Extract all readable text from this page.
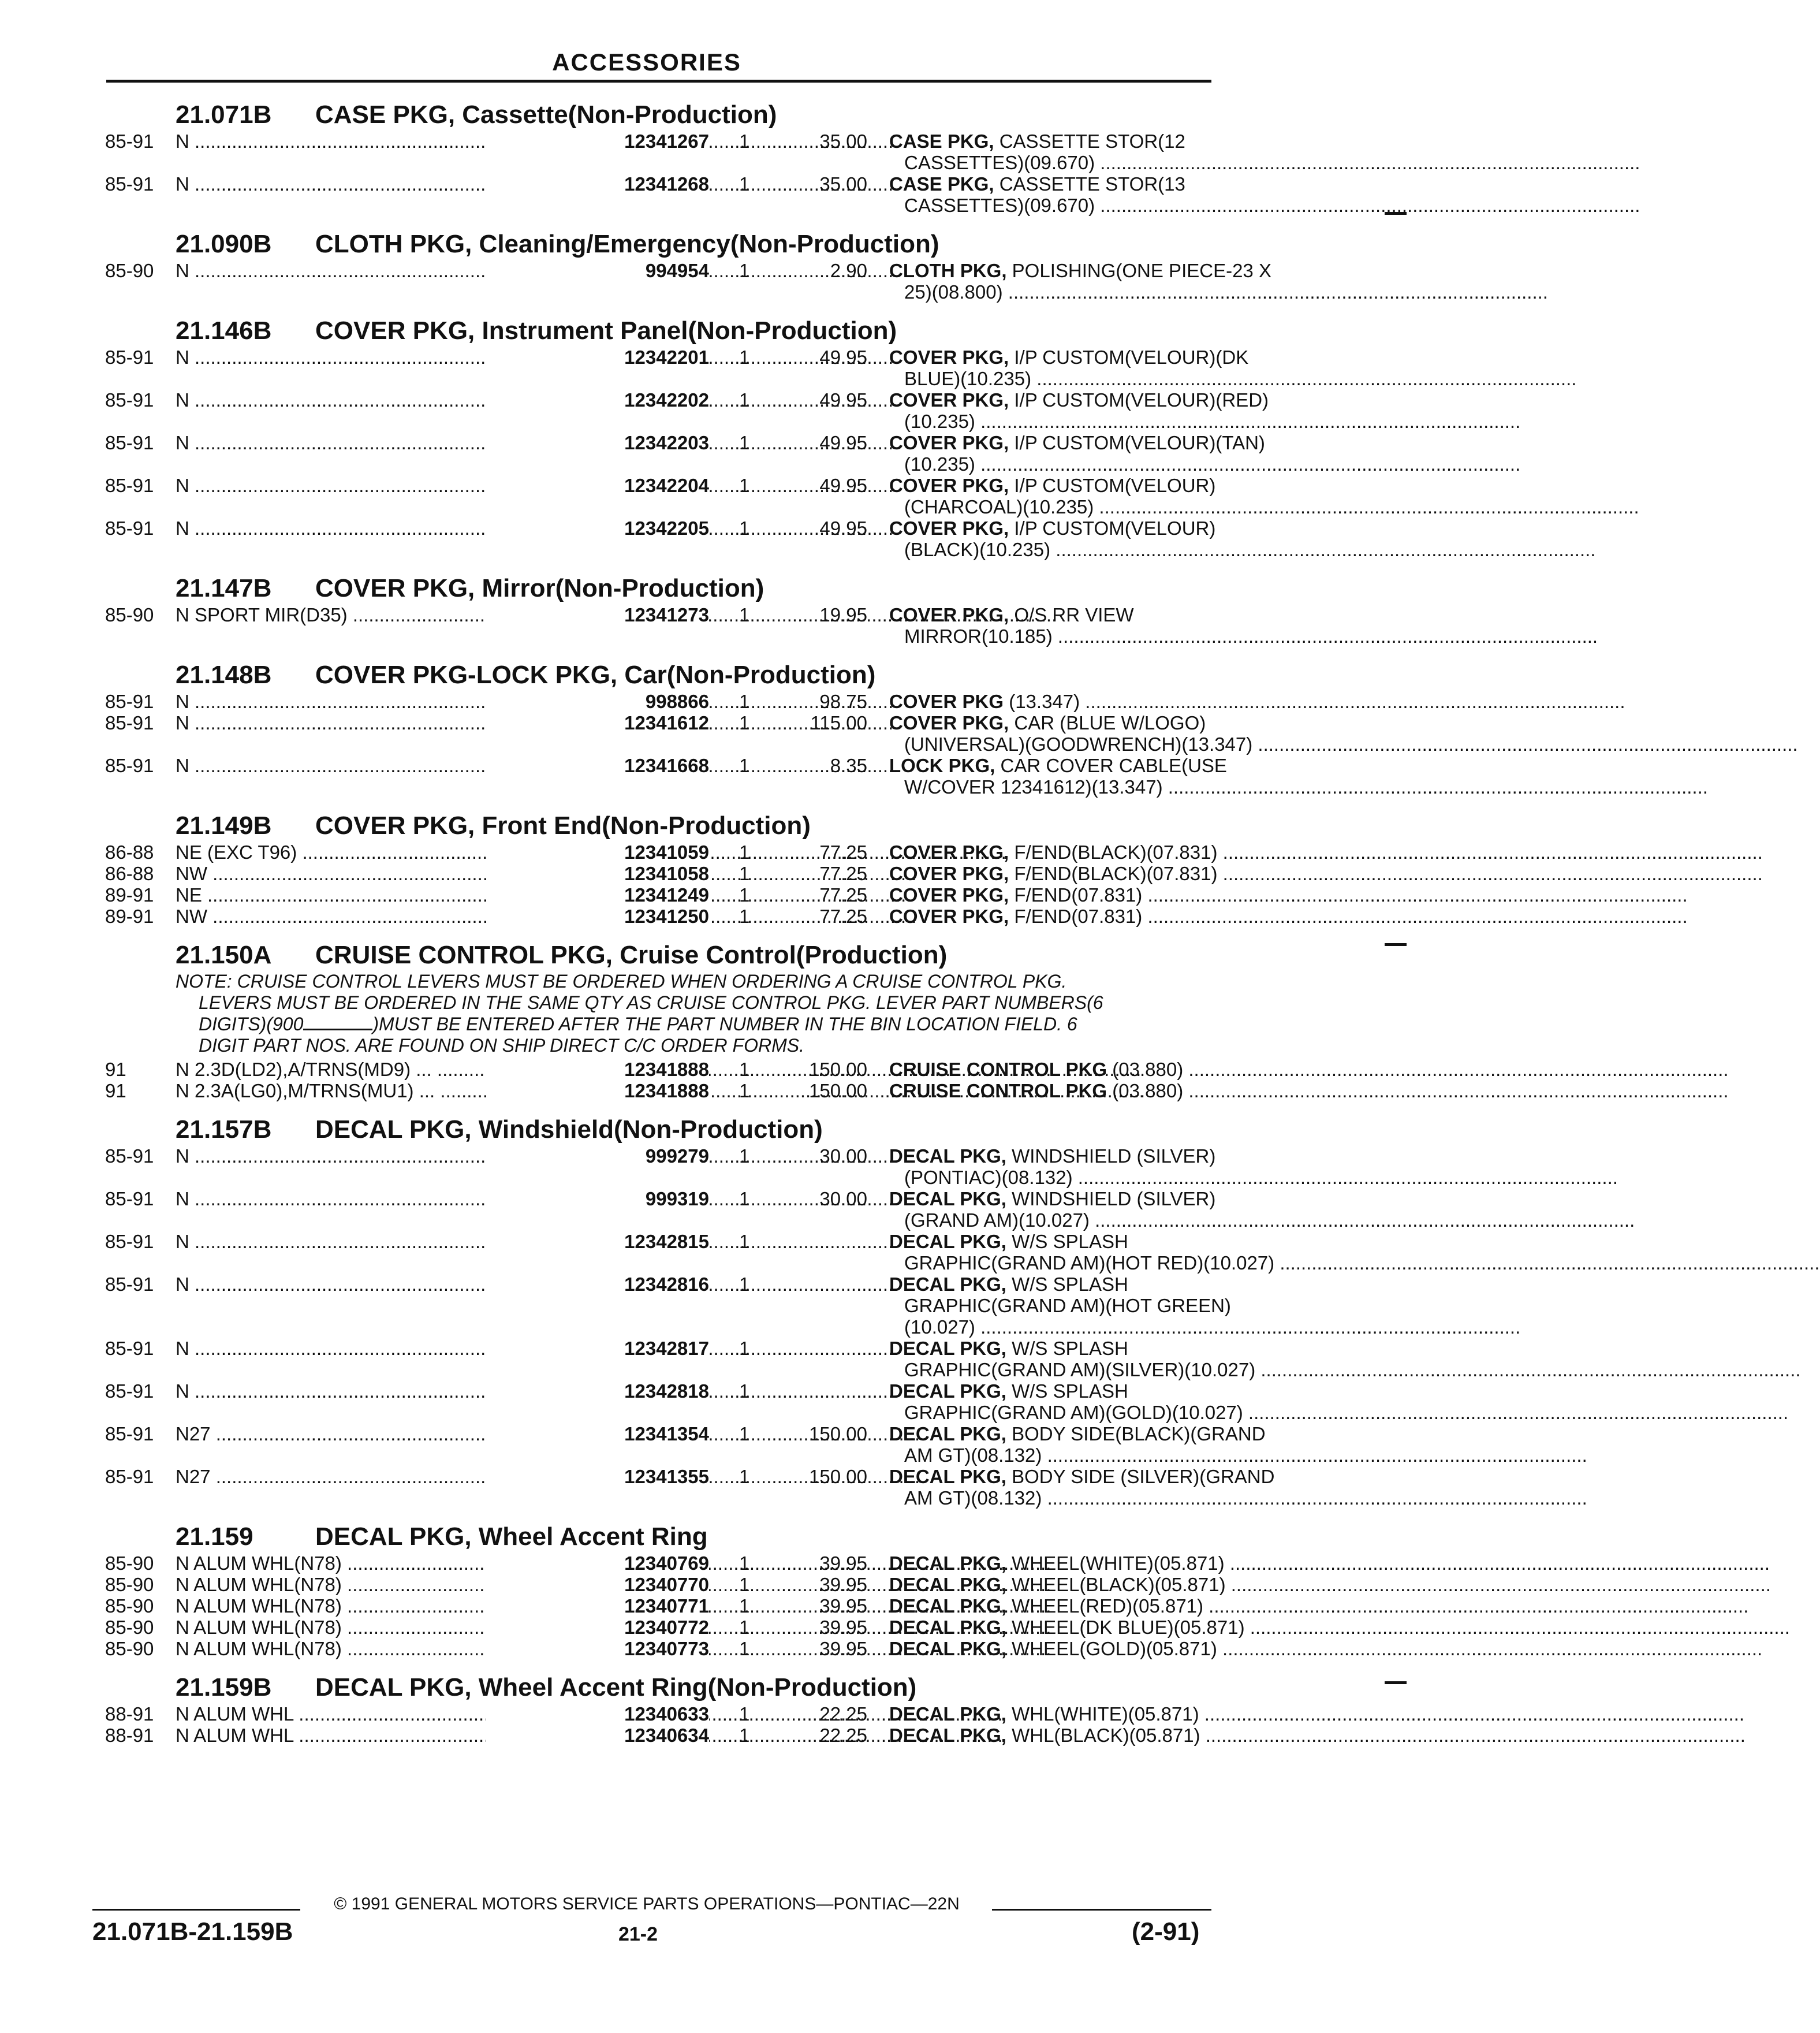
ACCESSORIES
21.071B CASE PKG, Cassette(Non-Production)
85-91	N .....	12341267 1	35.00 CASE PKG, CASSETTE STOR(12
CASSETTES)(09.670) .....
85-91	N .....	12341268 1	35.00 CASE PKG, CASSETTE STOR(13
CASSETTES)(09.670) .....
21.090B CLOTH PKG, Cleaning/Emergency(Non-Production)
85-90	N .....	994954 1	2.90 CLOTH PKG, POLISHING(ONE PIECE-23 X
25)(08.800) .....
21.146B COVER PKG, Instrument Panel(Non-Production)
85-91	N .....	12342201 1	49.95 COVER PKG, I/P CUSTOM(VELOUR)(DK
BLUE)(10.235) .....
85-91	N .....	12342202 1	49.95 COVER PKG, I/P CUSTOM(VELOUR)(RED)
(10.235) .....
85-91	N .....	12342203 1	49.95 COVER PKG, I/P CUSTOM(VELOUR)(TAN)
(10.235) .....
85-91	N .....	12342204 1	49.95 COVER PKG, I/P CUSTOM(VELOUR)
(CHARCOAL)(10.235) .....
85-91	N .....	12342205 1	49.95 COVER PKG, I/P CUSTOM(VELOUR)
(BLACK)(10.235) .....
21.147B COVER PKG, Mirror(Non-Production)
85-90	N SPORT MIR(D35) .....	12341273 1	19.95 COVER PKG, O/S RR VIEW
MIRROR(10.185) .....
21.148B COVER PKG-LOCK PKG, Car(Non-Production)
85-91	N .....	998866 1	98.75 COVER PKG (13.347) .....
85-91	N .....	12341612 1	115.00 COVER PKG, CAR (BLUE W/LOGO)
(UNIVERSAL)(GOODWRENCH)(13.347) .....
85-91	N .....	12341668 1	8.35 LOCK PKG, CAR COVER CABLE(USE
W/COVER 12341612)(13.347) .....
21.149B COVER PKG, Front End(Non-Production)
86-88	NE (EXC T96) .....	12341059 1	77.25 COVER PKG, F/END(BLACK)(07.831) .....
86-88	NW .....	12341058 1	77.25 COVER PKG, F/END(BLACK)(07.831) .....
89-91	NE .....	12341249 1	77.25 COVER PKG, F/END(07.831) .....
89-91	NW .....	12341250 1	77.25 COVER PKG, F/END(07.831) .....
21.150A CRUISE CONTROL PKG, Cruise Control(Production)
NOTE: CRUISE CONTROL LEVERS MUST BE ORDERED WHEN ORDERING A CRUISE CONTROL PKG.
LEVERS MUST BE ORDERED IN THE SAME QTY AS CRUISE CONTROL PKG. LEVER PART NUMBERS(6
DIGITS)(900	)MUST BE ENTERED AFTER THE PART NUMBER IN THE BIN LOCATION FIELD. 6
DIGIT PART NOS. ARE FOUND ON SHIP DIRECT C/C ORDER FORMS.
91	N 2.3D(LD2),A/TRNS(MD9) ... .....	12341888 1	150.00 CRUISE CONTROL PKG (03.880) .....
91	N 2.3A(LG0),M/TRNS(MU1) ... .....	12341888 1	150.00 CRUISE CONTROL PKG (03.880) .....
21.157B DECAL PKG, Windshield(Non-Production)
85-91	N .....	999279 1	30.00 DECAL PKG, WINDSHIELD (SILVER)
(PONTIAC)(08.132) .....
85-91	N .....	999319 1	30.00 DECAL PKG, WINDSHIELD (SILVER)
(GRAND AM)(10.027) .....
85-91	N .....	12342815 1	DECAL PKG, W/S SPLASH
GRAPHIC(GRAND AM)(HOT RED)(10.027) .....
85-91	N .....	12342816 1	DECAL PKG, W/S SPLASH
GRAPHIC(GRAND AM)(HOT GREEN)
(10.027) .....
85-91	N .....	12342817 1	DECAL PKG, W/S SPLASH
GRAPHIC(GRAND AM)(SILVER)(10.027) .....
85-91	N .....	12342818 1	DECAL PKG, W/S SPLASH
GRAPHIC(GRAND AM)(GOLD)(10.027) .....
85-91	N27 .....	12341354 1	150.00 DECAL PKG, BODY SIDE(BLACK)(GRAND
AM GT)(08.132) .....
85-91	N27 .....	12341355 1	150.00 DECAL PKG, BODY SIDE (SILVER)(GRAND
AM GT)(08.132) .....
21.159 DECAL PKG, Wheel Accent Ring
85-90	N ALUM WHL(N78) .....	12340769 1	39.95 DECAL PKG, WHEEL(WHITE)(05.871) .....
85-90	N ALUM WHL(N78) .....	12340770 1	39.95 DECAL PKG, WHEEL(BLACK)(05.871) .....
85-90	N ALUM WHL(N78) .....	12340771 1	39.95 DECAL PKG, WHEEL(RED)(05.871) .....
85-90	N ALUM WHL(N78) .....	12340772 1	39.95 DECAL PKG, WHEEL(DK BLUE)(05.871) .....
85-90	N ALUM WHL(N78) .....	12340773 1	39.95 DECAL PKG, WHEEL(GOLD)(05.871) .....
21.159B DECAL PKG, Wheel Accent Ring(Non-Production)
88-91	N ALUM WHL .....	12340633 1	22.25 DECAL PKG, WHL(WHITE)(05.871) .....
88-91	N ALUM WHL .....	12340634 1	22.25 DECAL PKG, WHL(BLACK)(05.871) .....
© 1991 GENERAL MOTORS SERVICE PARTS OPERATIONS—PONTIAC—22N
21.071B-21.159B	21-2	(2-91)
